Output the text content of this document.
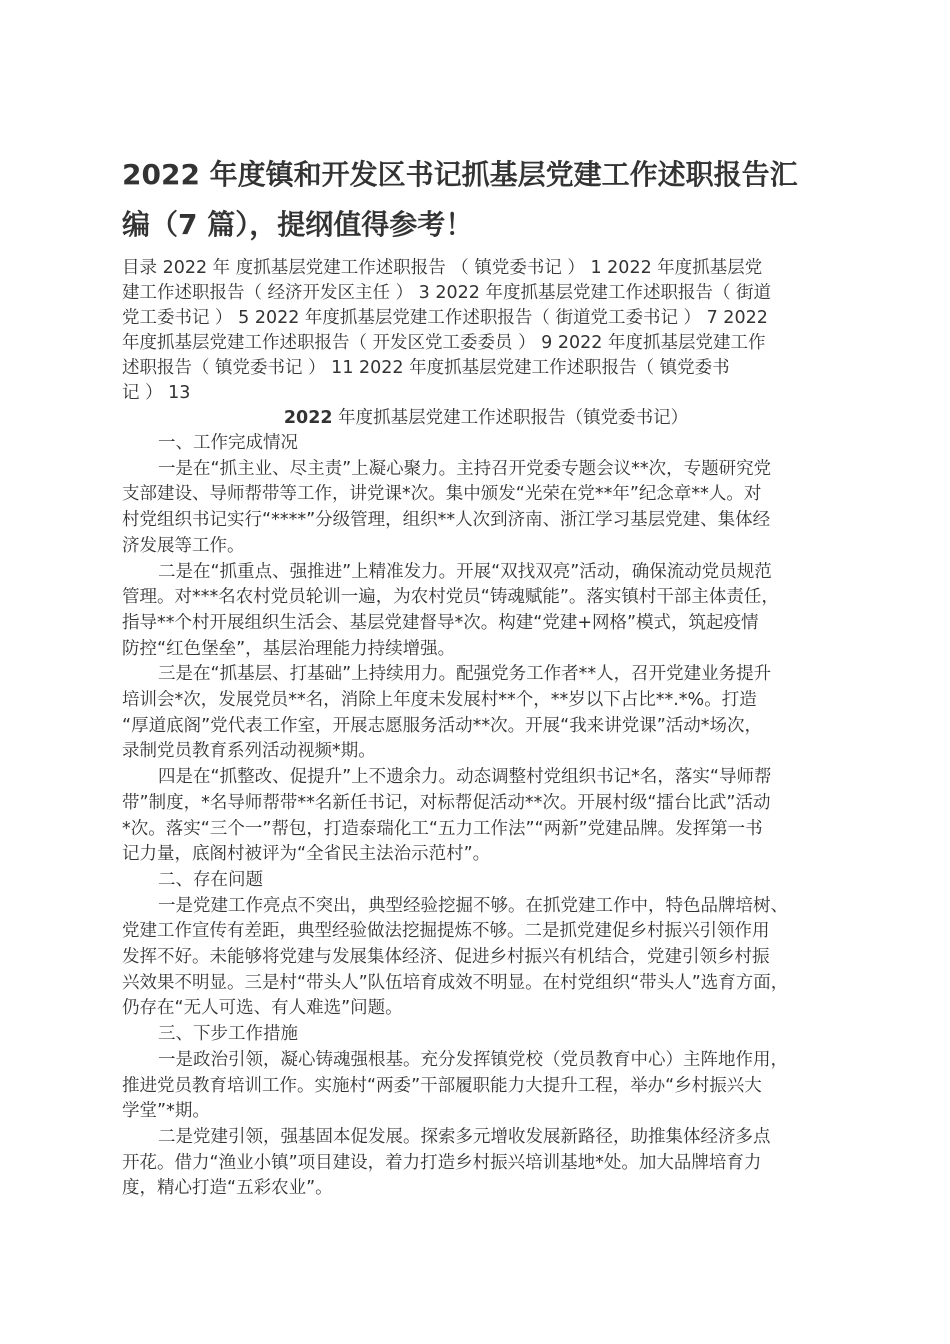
2022 年度镇和开发区书记抓基层党建工作述职报告汇
编（7 篇），提纲值得参考！
目录 2022 年 度抓基层党建工作述职报告 （ 镇党委书记 ） 1 2022 年度抓基层党
建工作述职报告（ 经济开发区主任 ） 3 2022 年度抓基层党建工作述职报告（ 街道
党工委书记 ） 5 2022 年度抓基层党建工作述职报告（ 街道党工委书记 ） 7 2022
年度抓基层党建工作述职报告（ 开发区党工委委员 ） 9 2022 年度抓基层党建工作
述职报告（ 镇党委书记 ） 11 2022 年度抓基层党建工作述职报告（ 镇党委书
记 ） 13
2022 年度抓基层党建工作述职报告（镇党委书记）
一、工作完成情况
一是在“抓主业、尽主责”上凝心聚力。主持召开党委专题会议**次，专题研究党
支部建设、导师帮带等工作，讲党课*次。集中颁发“光荣在党**年”纪念章**人。对
村党组织书记实行“****”分级管理，组织**人次到济南、浙江学习基层党建、集体经
济发展等工作。
二是在“抓重点、强推进”上精准发力。开展“双找双亮”活动，确保流动党员规范
管理。对***名农村党员轮训一遍，为农村党员“铸魂赋能”。落实镇村干部主体责任，
指导**个村开展组织生活会、基层党建督导*次。构建“党建+网格”模式，筑起疫情
防控“红色堡垒”，基层治理能力持续增强。
三是在“抓基层、打基础”上持续用力。配强党务工作者**人，召开党建业务提升
培训会*次，发展党员**名，消除上年度未发展村**个，**岁以下占比**.*%。打造
“厚道底阁”党代表工作室，开展志愿服务活动**次。开展“我来讲党课”活动*场次，
录制党员教育系列活动视频*期。
四是在“抓整改、促提升”上不遗余力。动态调整村党组织书记*名，落实“导师帮
带”制度，*名导师帮带**名新任书记，对标帮促活动**次。开展村级“擂台比武”活动
*次。落实“三个一”帮包，打造泰瑞化工“五力工作法”“两新”党建品牌。发挥第一书
记力量，底阁村被评为“全省民主法治示范村”。
二、存在问题
一是党建工作亮点不突出，典型经验挖掘不够。在抓党建工作中，特色品牌培树、
党建工作宣传有差距，典型经验做法挖掘提炼不够。二是抓党建促乡村振兴引领作用
发挥不好。未能够将党建与发展集体经济、促进乡村振兴有机结合，党建引领乡村振
兴效果不明显。三是村“带头人”队伍培育成效不明显。在村党组织“带头人”选育方面，
仍存在“无人可选、有人难选”问题。
三、下步工作措施
一是政治引领，凝心铸魂强根基。充分发挥镇党校（党员教育中心）主阵地作用，
推进党员教育培训工作。实施村“两委”干部履职能力大提升工程，举办“乡村振兴大
学堂”*期。
二是党建引领，强基固本促发展。探索多元增收发展新路径，助推集体经济多点
开花。借力“渔业小镇”项目建设，着力打造乡村振兴培训基地*处。加大品牌培育力
度，精心打造“五彩农业”。
